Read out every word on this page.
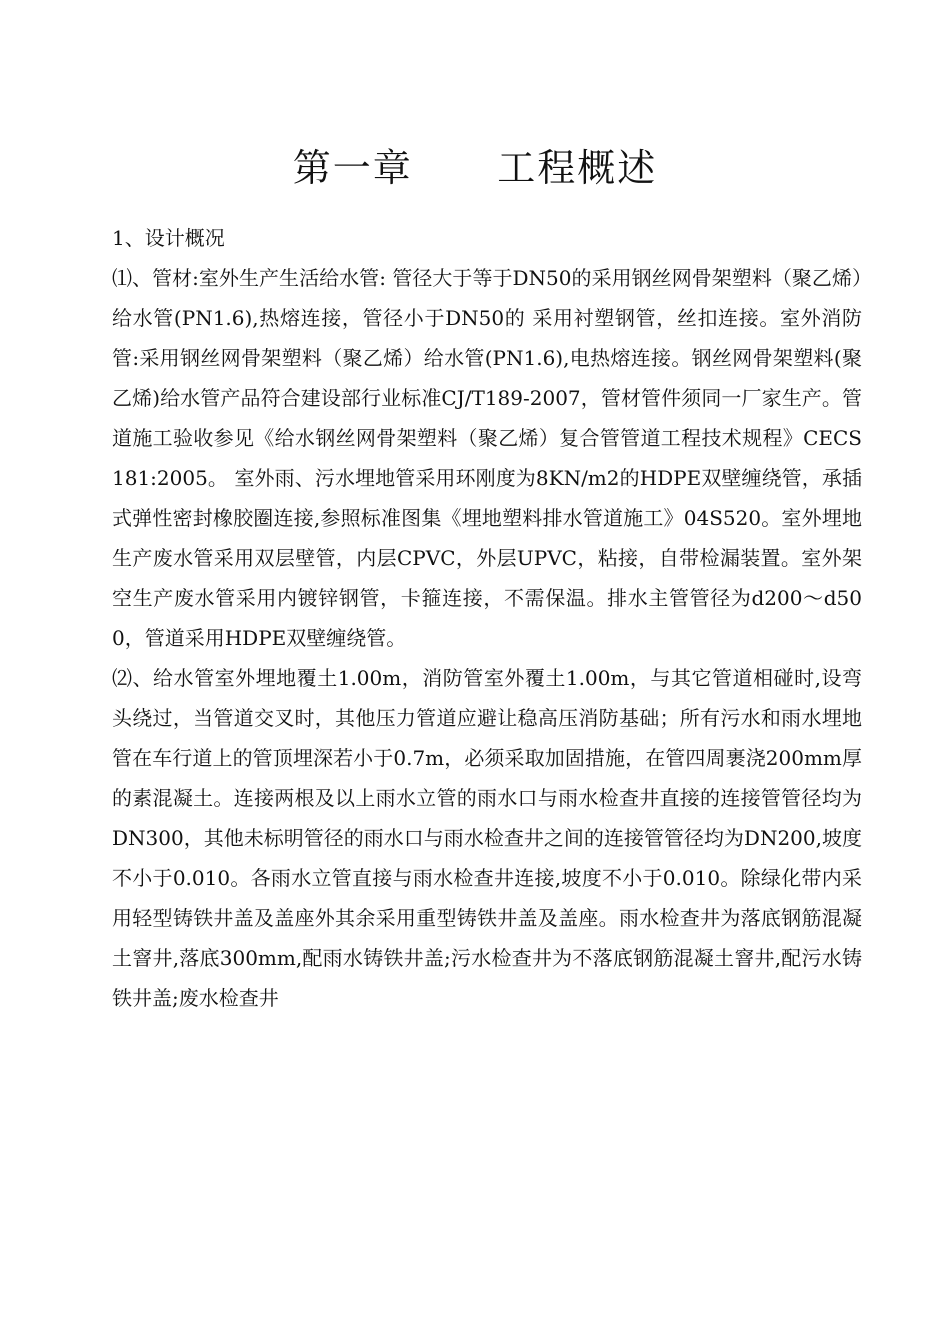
第一章      工程概述

1、设计概况

⑴、管材:室外生产生活给水管: 管径大于等于DN50的采用钢丝网骨架塑料（聚乙烯）给水管(PN1.6),热熔连接，管径小于DN50的 采用衬塑钢管，丝扣连接。室外消防管:采用钢丝网骨架塑料（聚乙烯）给水管(PN1.6),电热熔连接。钢丝网骨架塑料(聚乙烯)给水管产品符合建设部行业标准CJ/T189-2007，管材管件须同一厂家生产。管道施工验收参见《给水钢丝网骨架塑料（聚乙烯）复合管管道工程技术规程》CECS 181:2005。 室外雨、污水埋地管采用环刚度为8KN/m2的HDPE双壁缠绕管，承插式弹性密封橡胶圈连接,参照标准图集《埋地塑料排水管道施工》04S520。室外埋地生产废水管采用双层壁管，内层CPVC，外层UPVC，粘接，自带检漏装置。室外架空生产废水管采用内镀锌钢管，卡箍连接，不需保温。排水主管管径为d200～d500，管道采用HDPE双壁缠绕管。

⑵、给水管室外埋地覆土1.00m，消防管室外覆土1.00m，与其它管道相碰时,设弯头绕过，当管道交叉时，其他压力管道应避让稳高压消防基础；所有污水和雨水埋地管在车行道上的管顶埋深若小于0.7m，必须采取加固措施，在管四周裹浇200mm厚的素混凝土。连接两根及以上雨水立管的雨水口与雨水检查井直接的连接管管径均为DN300，其他未标明管径的雨水口与雨水检查井之间的连接管管径均为DN200,坡度不小于0.010。各雨水立管直接与雨水检查井连接,坡度不小于0.010。除绿化带内采用轻型铸铁井盖及盖座外其余采用重型铸铁井盖及盖座。雨水检查井为落底钢筋混凝土窨井,落底300mm,配雨水铸铁井盖;污水检查井为不落底钢筋混凝土窨井,配污水铸铁井盖;废水检查井
